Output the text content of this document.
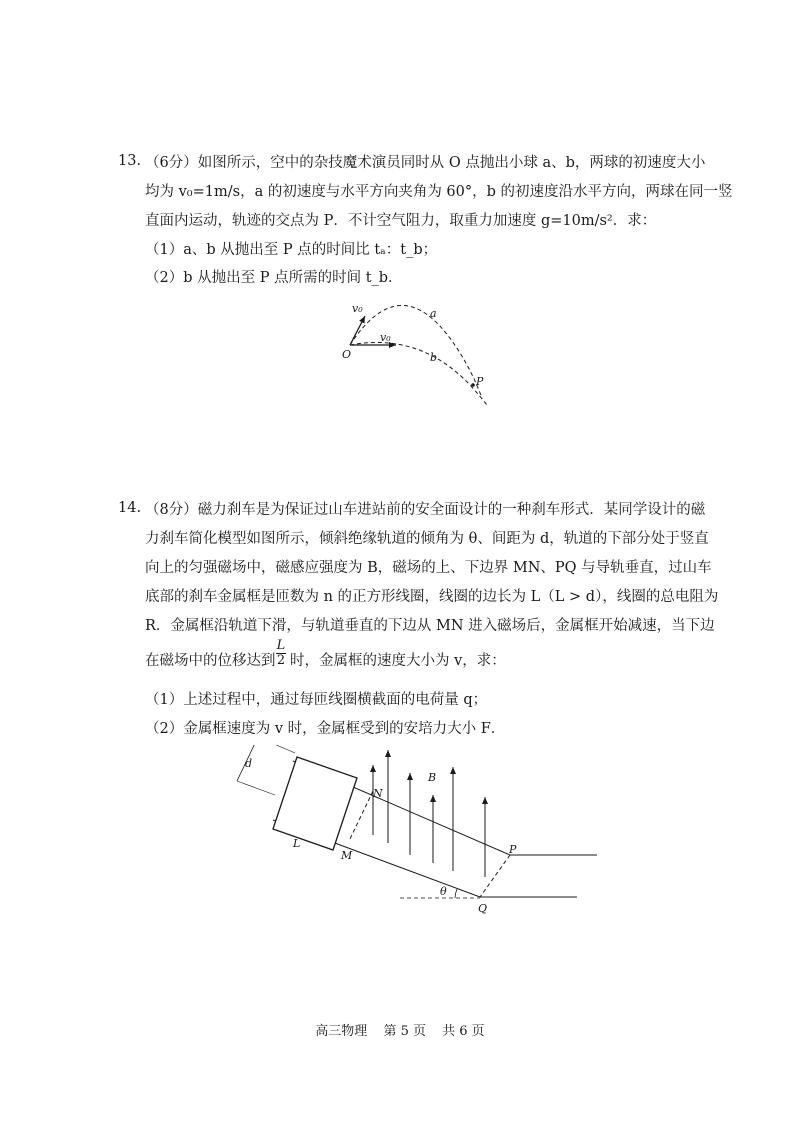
13. （6分）如图所示，空中的杂技魔术演员同时从 O 点抛出小球 a、b，两球的初速度大小
均为 v₀=1m/s，a 的初速度与水平方向夹角为 60°，b 的初速度沿水平方向，两球在同一竖
直面内运动，轨迹的交点为 P．不计空气阻力，取重力加速度 g=10m/s²．求：
（1）a、b 从抛出至 P 点的时间比 tₐ：t_b；
（2）b 从抛出至 P 点所需的时间 t_b．
v₀
v₀
a
b
O
P
14. （8分）磁力刹车是为保证过山车进站前的安全面设计的一种刹车形式．某同学设计的磁
力刹车简化模型如图所示，倾斜绝缘轨道的倾角为 θ、间距为 d，轨道的下部分处于竖直
向上的匀强磁场中，磁感应强度为 B，磁场的上、下边界 MN、PQ 与导轨垂直，过山车
底部的刹车金属框是匝数为 n 的正方形线圈，线圈的边长为 L（L > d），线圈的总电阻为
R．金属框沿轨道下滑，与轨道垂直的下边从 MN 进入磁场后，金属框开始减速，当下边
在磁场中的位移达到
L
2 时，金属框的速度大小为 v，求：
（1）上述过程中，通过每匝线圈横截面的电荷量 q；
（2）金属框速度为 v 时，金属框受到的安培力大小 F．
d
B
N
M
L	P
Q
θ
高三物理 第 5 页 共 6 页
